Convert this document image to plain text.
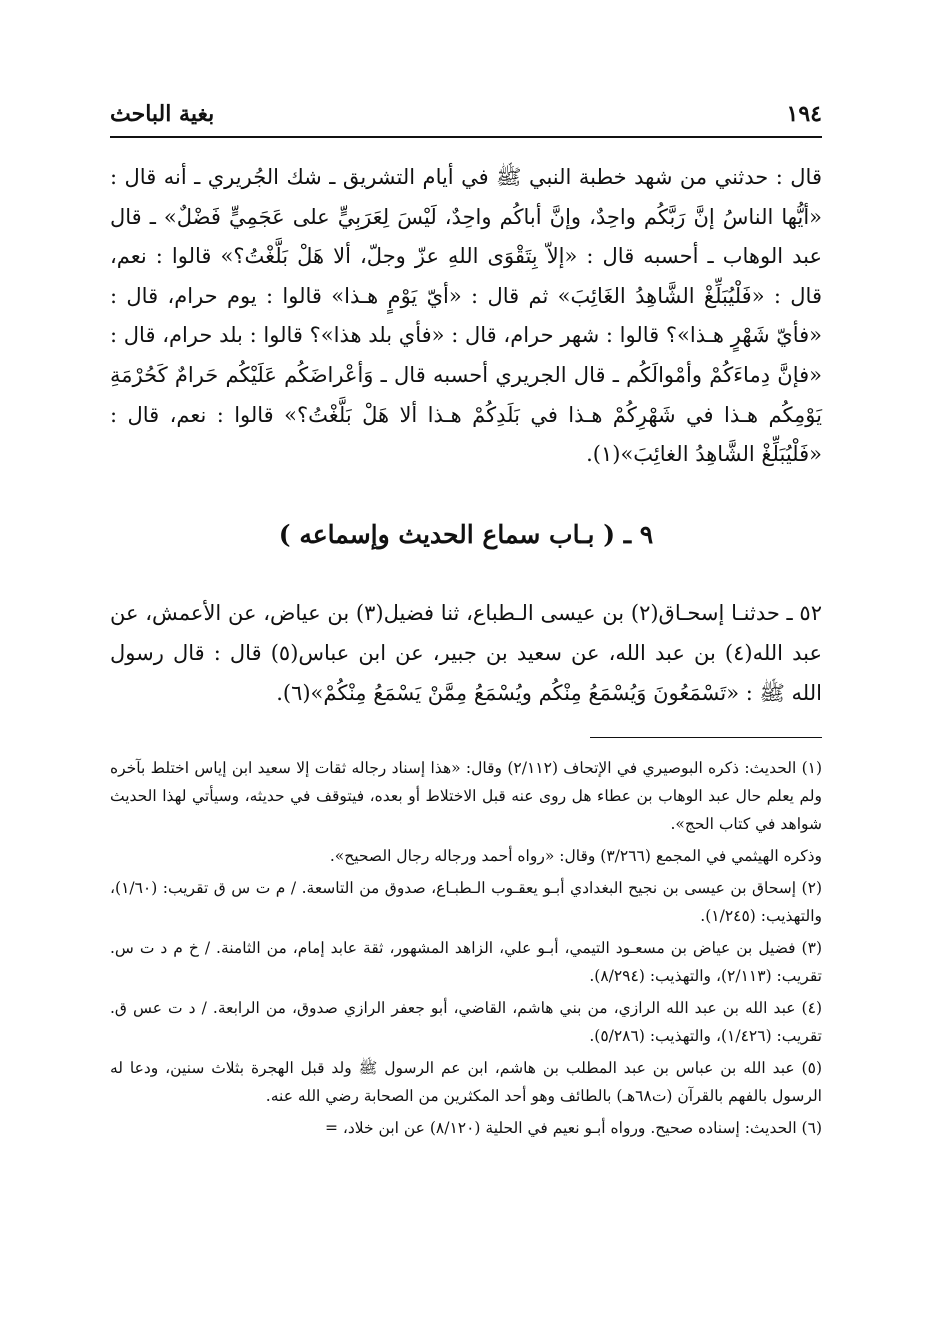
١٩٤
بغية الباحث

قال : حدثني من شهد خطبة النبي ﷺ في أيام التشريق ـ شك الجُريري ـ أنه قال : «أيُّها الناسُ إنَّ رَبَّكُم واحِدٌ، وإنَّ أباكُم واحِدٌ، لَيْسَ لِعَرَبِيٍّ على عَجَمِيٍّ فَضْلٌ» ـ قال عبد الوهاب ـ أحسبه قال : «إلاّ بِتَقْوَى اللهِ عزّ وجلّ، ألا هَلْ بَلَّغْتُ؟» قالوا : نعم، قال : «فَلْيُبَلِّغْ الشَّاهِدُ الغَائِبَ» ثم قال : «أيّ يَوْمٍ هـذا» قالوا : يوم حرام، قال : «فأيّ شَهْرٍ هـذا»؟ قالوا : شهر حرام، قال : «فأي بلد هذا»؟ قالوا : بلد حرام، قال : «فإنَّ دِماءَكُمْ وأمْوالَكُم ـ قال الجريري أحسبه قال ـ وَأعْراضَكُم عَلَيْكُم حَرامٌ كَحُرْمَةِ يَوْمِكُم هـذا في شَهْرِكُمْ هـذا في بَلَدِكُمْ هـذا ألا هَلْ بَلَّغْتُ؟» قالوا : نعم، قال : «فَلْيُبَلِّغْ الشَّاهِدُ الغائِبَ»(١).

٩ ـ ( بـاب سماع الحديث وإسماعه )

٥٢ ـ حدثنـا إسحـاق(٢) بن عيسى الـطباع، ثنا فضيل(٣) بن عياض، عن الأعمش، عن عبد الله(٤) بن عبد الله، عن سعيد بن جبير، عن ابن عباس(٥) قال : قال رسول الله ﷺ : «تَسْمَعُونَ وَيُسْمَعُ مِنْكُم ويُسْمَعُ مِمَّنْ يَسْمَعُ مِنْكُمْ»(٦).

(١) الحديث: ذكره البوصيري في الإتحاف (٢/١١٢) وقال: «هذا إسناد رجاله ثقات إلا سعيد ابن إياس اختلط بآخره ولم يعلم حال عبد الوهاب بن عطاء هل روى عنه قبل الاختلاط أو بعده، فيتوقف في حديثه، وسيأتي لهذا الحديث شواهد في كتاب الحج».

وذكره الهيثمي في المجمع (٣/٢٦٦) وقال: «رواه أحمد ورجاله رجال الصحيح».

(٢) إسحاق بن عيسى بن نجيح البغدادي أبـو يعقـوب الـطبـاع، صدوق من التاسعة. / م ت س ق تقريب: (١/٦٠)، والتهذيب: (١/٢٤٥).

(٣) فضيل بن عياض بن مسعـود التيمي، أبـو علي، الزاهد المشهور، ثقة عابد إمام، من الثامنة. / خ م د ت س. تقريب: (٢/١١٣)، والتهذيب: (٨/٢٩٤).

(٤) عبد الله بن عبد الله الرازي، من بني هاشم، القاضي، أبو جعفر الرازي صدوق، من الرابعة. / د ت عس ق. تقريب: (١/٤٢٦)، والتهذيب: (٥/٢٨٦).

(٥) عبد الله بن عباس بن عبد المطلب بن هاشم، ابن عم الرسول ﷺ ولد قبل الهجرة بثلاث سنين، ودعا له الرسول بالفهم بالقرآن (ت٦٨هـ) بالطائف وهو أحد المكثرين من الصحابة رضي الله عنه.

(٦) الحديث: إسناده صحيح. ورواه أبـو نعيم في الحلية (٨/١٢٠) عن ابن خلاد، =
